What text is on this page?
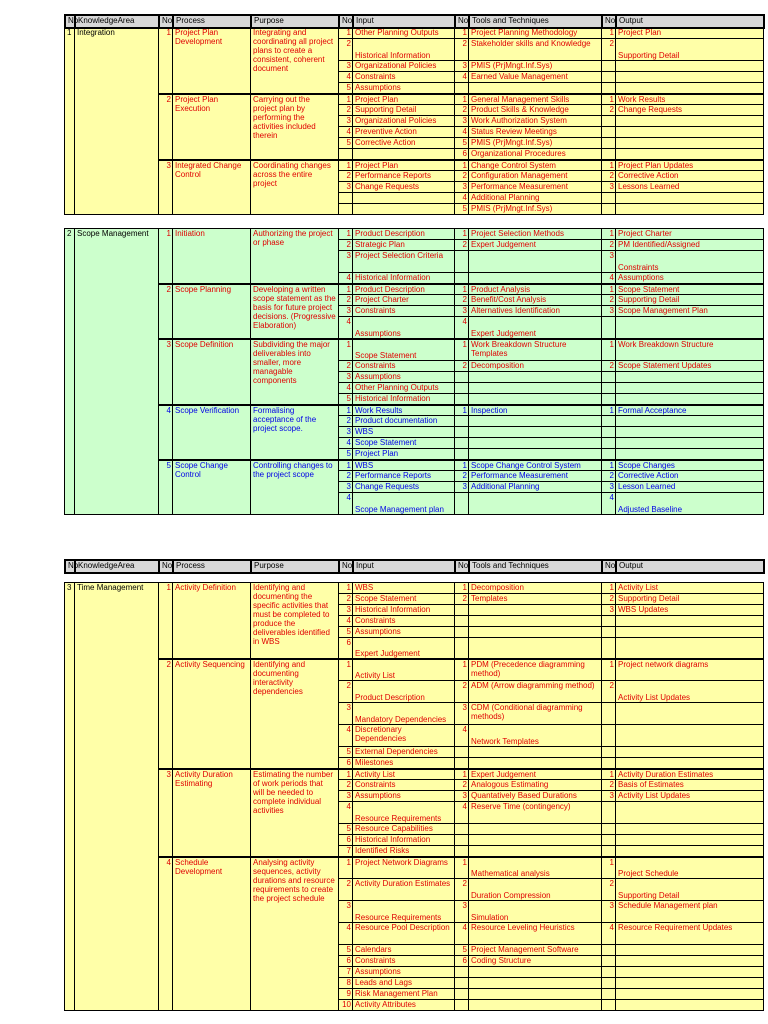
1	Integration	1	Project Plan Development	Integrating and coordinating all project plans to create a consistent, coherent document	1	Other Planning Outputs	1	Project Planning Methodology	1	Project Plan
					2	Historical Information	2	Stakeholder skills and Knowledge	2	Supporting Detail
					3	Organizational Policies	3	PMIS (PrjMngt.Inf.Sys)		
					4	Constraints	4	Earned Value Management		
					5	Assumptions				
		2	Project Plan Execution	Carrying out the project plan by performing the activities included therein	1	Project Plan	1	General Management Skills	1	Work Results
					2	Supporting Detail	2	Product Skills & Knowledge	2	Change Requests
					3	Organizational Policies	3	Work Authorization System		
					4	Preventive Action	4	Status Review Meetings		
					5	Corrective Action	5	PMIS (PrjMngt.Inf.Sys)		
							6	Organizational Procedures		
		3	Integrated Change Control	Coordinating changes across the entire project	1	Project Plan	1	Change Control System	1	Project Plan Updates
					2	Performance Reports	2	Configuration Management	2	Corrective Action
					3	Change Requests	3	Performance Measurement	3	Lessons Learned
							4	Additional Planning		
							5	PMIS (PrjMngt.Inf.Sys)		
2	Scope Management	1	Initiation	Authorizing the project or phase	1	Product Description	1	Project Selection Methods	1	Project Charter
					2	Strategic Plan	2	Expert Judgement	2	PM Identified/Assigned
					3	Project Selection Criteria			3	Constraints
					4	Historical Information			4	Assumptions
		2	Scope Planning	Developing a written scope statement as the basis for future project decisions. (Progressive Elaboration)	1	Product Description	1	Product Analysis	1	Scope Statement
					2	Project Charter	2	Benefit/Cost Analysis	2	Supporting Detail
					3	Constraints	3	Alternatives Identification	3	Scope Management Plan
					4	Assumptions	4	Expert Judgement		
		3	Scope Definition	Subdividing the major deliverables into smaller, more managable components	1	Scope Statement	1	Work Breakdown Structure Templates	1	Work Breakdown Structure
					2	Constraints	2	Decomposition	2	Scope Statement Updates
					3	Assumptions				
					4	Other Planning Outputs				
					5	Historical Information				
		4	Scope Verification	Formalising acceptance of the project scope.	1	Work Results	1	Inspection	1	Formal Acceptance
					2	Product documentation				
					3	WBS				
					4	Scope Statement				
					5	Project Plan				
		5	Scope Change Control	Controlling changes to the project scope	1	WBS	1	Scope Change Control System	1	Scope Changes
					2	Performance Reports	2	Performance Measurement	2	Corrective Action
					3	Change Requests	3	Additional Planning	3	Lesson Learned
					4	Scope Management plan			4	Adjusted Baseline
3	Time Management	1	Activity Definition	Identifying and documenting the specific activities that must be completed to produce the deliverables identified in WBS	1	WBS	1	Decomposition	1	Activity List
					2	Scope Statement	2	Templates	2	Supporting Detail
					3	Historical Information			3	WBS Updates
					4	Constraints				
					5	Assumptions				
					6	Expert Judgement				
		2	Activity Sequencing	Identifying and documenting interactivity dependencies	1	Activity List	1	PDM (Precedence diagramming method)	1	Project network diagrams
					2	Product Description	2	ADM (Arrow diagramming method)	2	Activity List Updates
					3	Mandatory Dependencies	3	CDM (Conditional diagramming methods)		
					4	Discretionary Dependencies	4	Network Templates		
					5	External Dependencies				
					6	Milestones				
		3	Activity Duration Estimating	Estimating the number of work periods that will be needed to complete individual activities	1	Activity List	1	Expert Judgement	1	Activity Duration Estimates
					2	Constraints	2	Analogous Estimating	2	Basis of Estimates
					3	Assumptions	3	Quantatively Based Durations	3	Activity List Updates
					4	Resource Requirements	4	Reserve Time (contingency)		
					5	Resource Capabilities				
					6	Historical Information				
					7	Identified Risks				
		4	Schedule Development	Analysing activity sequences, activity durations and resource requirements to create the project schedule	1	Project Network Diagrams	1	Mathematical analysis	1	Project Schedule
					2	Activity Duration Estimates	2	Duration Compression	2	Supporting Detail
					3	Resource Requirements	3	Simulation	3	Schedule Management plan
					4	Resource Pool Description	4	Resource Leveling Heuristics	4	Resource Requirement Updates
					5	Calendars	5	Project Management Software		
					6	Constraints	6	Coding Structure		
					7	Assumptions				
					8	Leads and Lags				
					9	Risk Management Plan				
					10	Activity Attributes				
No	KnowledgeArea	No	Process	Purpose	No	Input	No	Tools and Techniques	No	Output
No	KnowledgeArea	No	Process	Purpose	No	Input	No	Tools and Techniques	No	Output
